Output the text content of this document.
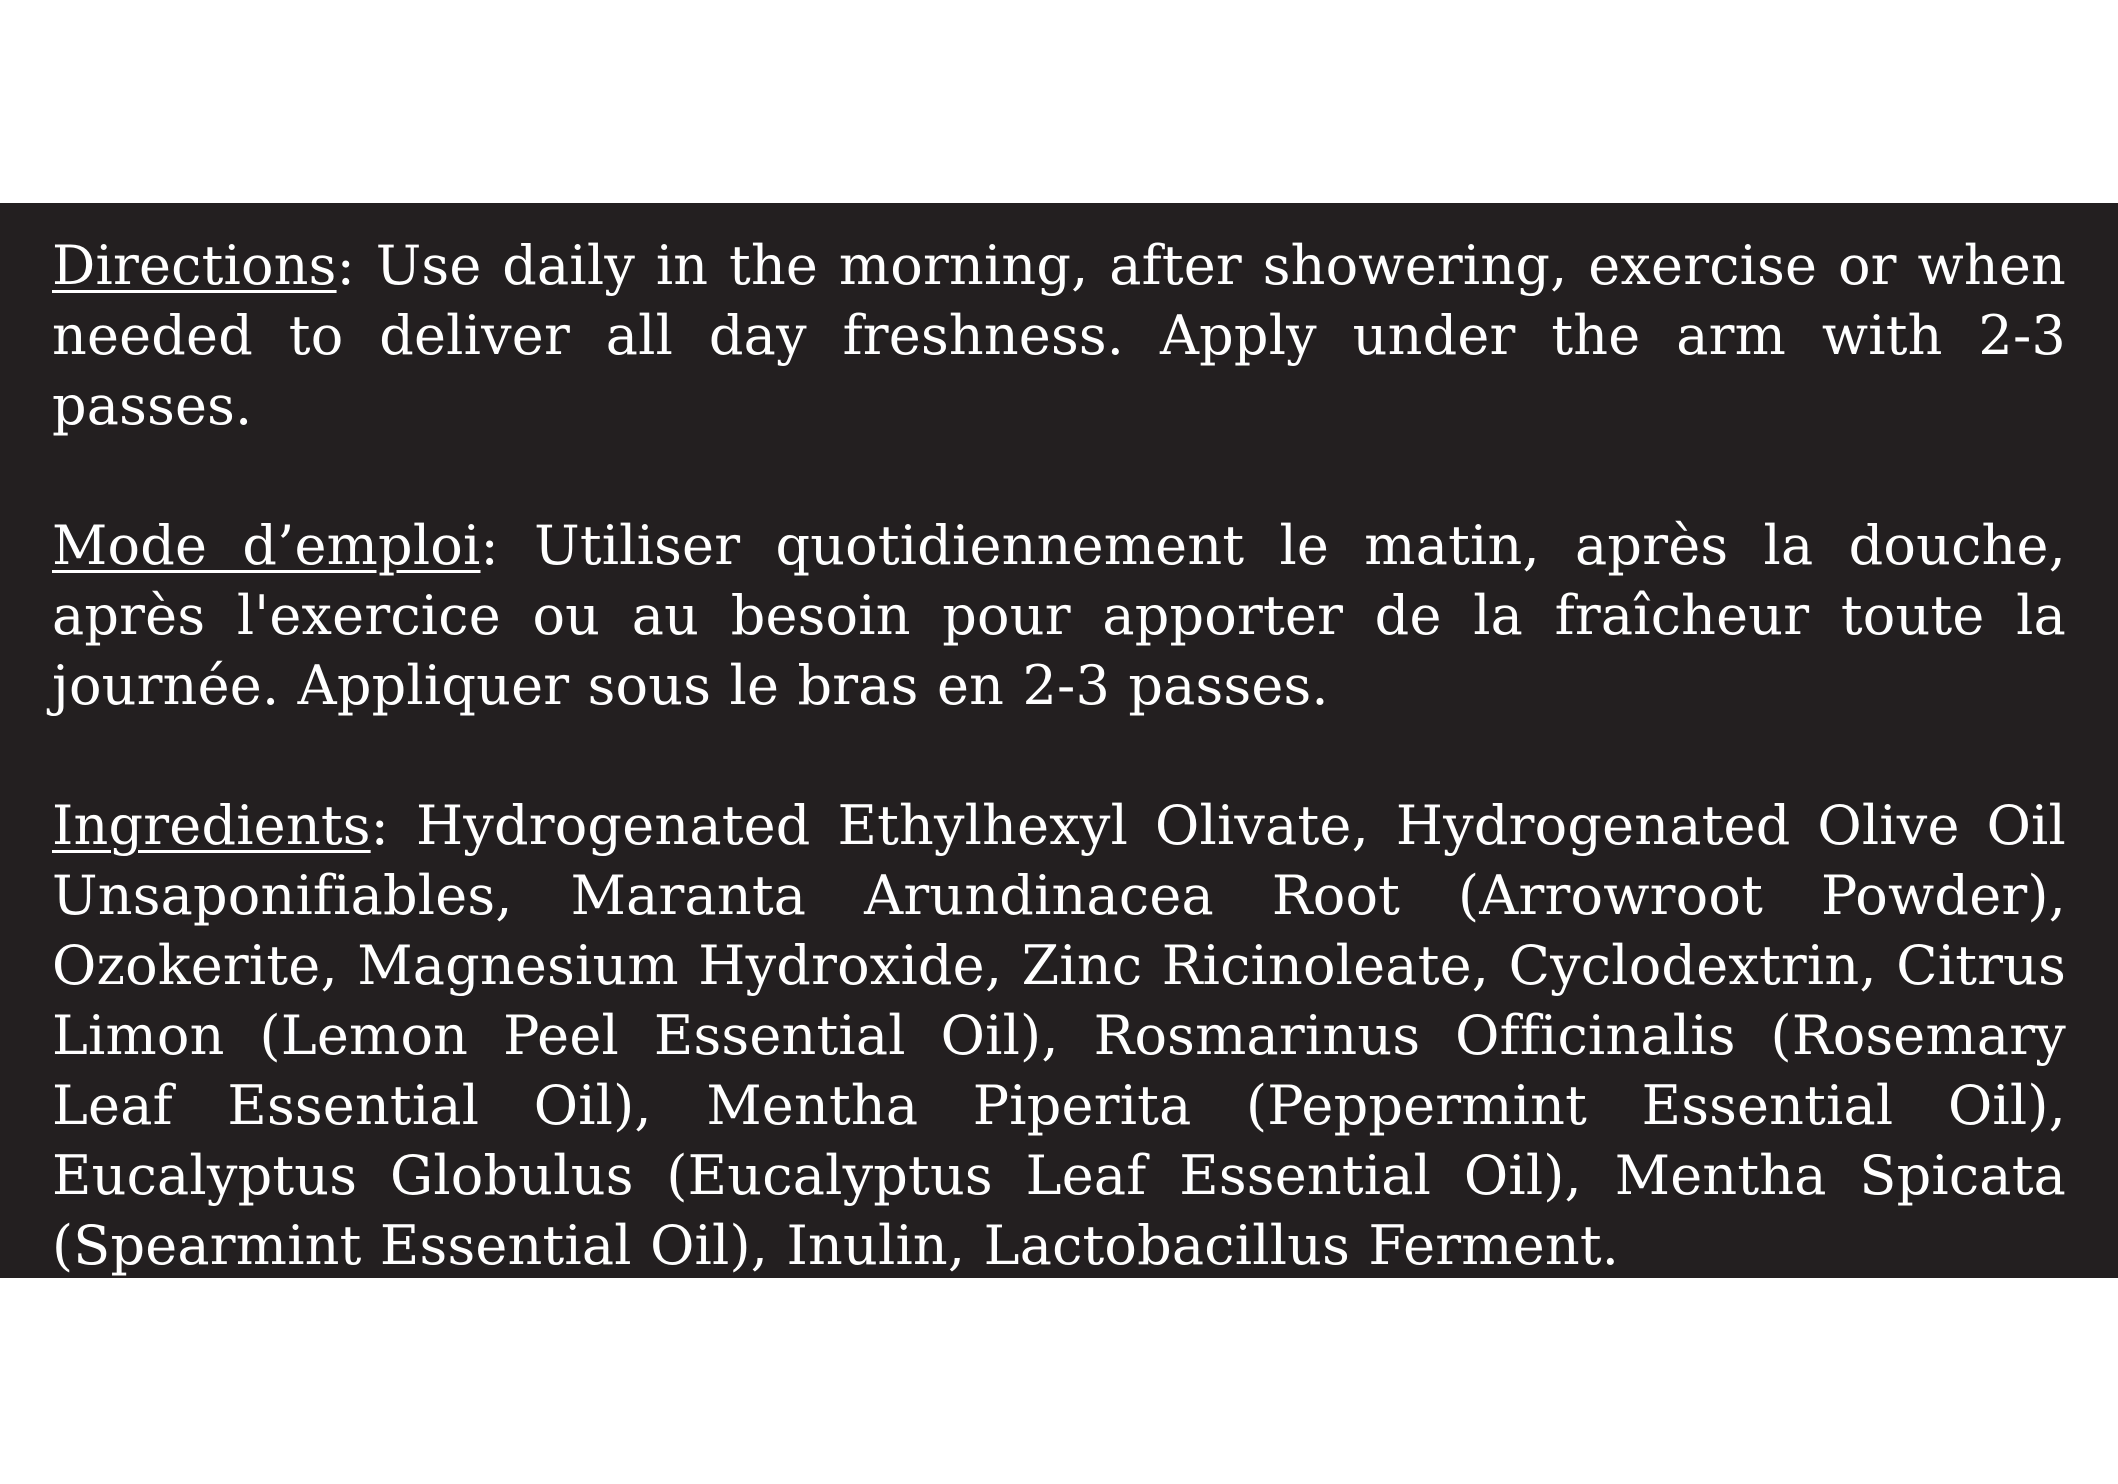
Directions: Use daily in the morning, after showering, exercise or when needed to deliver all day freshness. Apply under the arm with 2-3 passes.

Mode d’emploi: Utiliser quotidiennement le matin, après la douche, après l'exercice ou au besoin pour apporter de la fraîcheur toute la journée. Appliquer sous le bras en 2-3 passes.

Ingredients: Hydrogenated Ethylhexyl Olivate, Hydrogenated Olive Oil Unsaponifiables, Maranta Arundinacea Root (Arrowroot Powder), Ozokerite, Magnesium Hydroxide, Zinc Ricinoleate, Cyclodextrin, Citrus Limon (Lemon Peel Essential Oil), Rosmarinus Officinalis (Rosemary Leaf Essential Oil), Mentha Piperita (Peppermint Essential Oil), Eucalyptus Globulus (Eucalyptus Leaf Essential Oil), Mentha Spicata (Spearmint Essential Oil), Inulin, Lactobacillus Ferment.
